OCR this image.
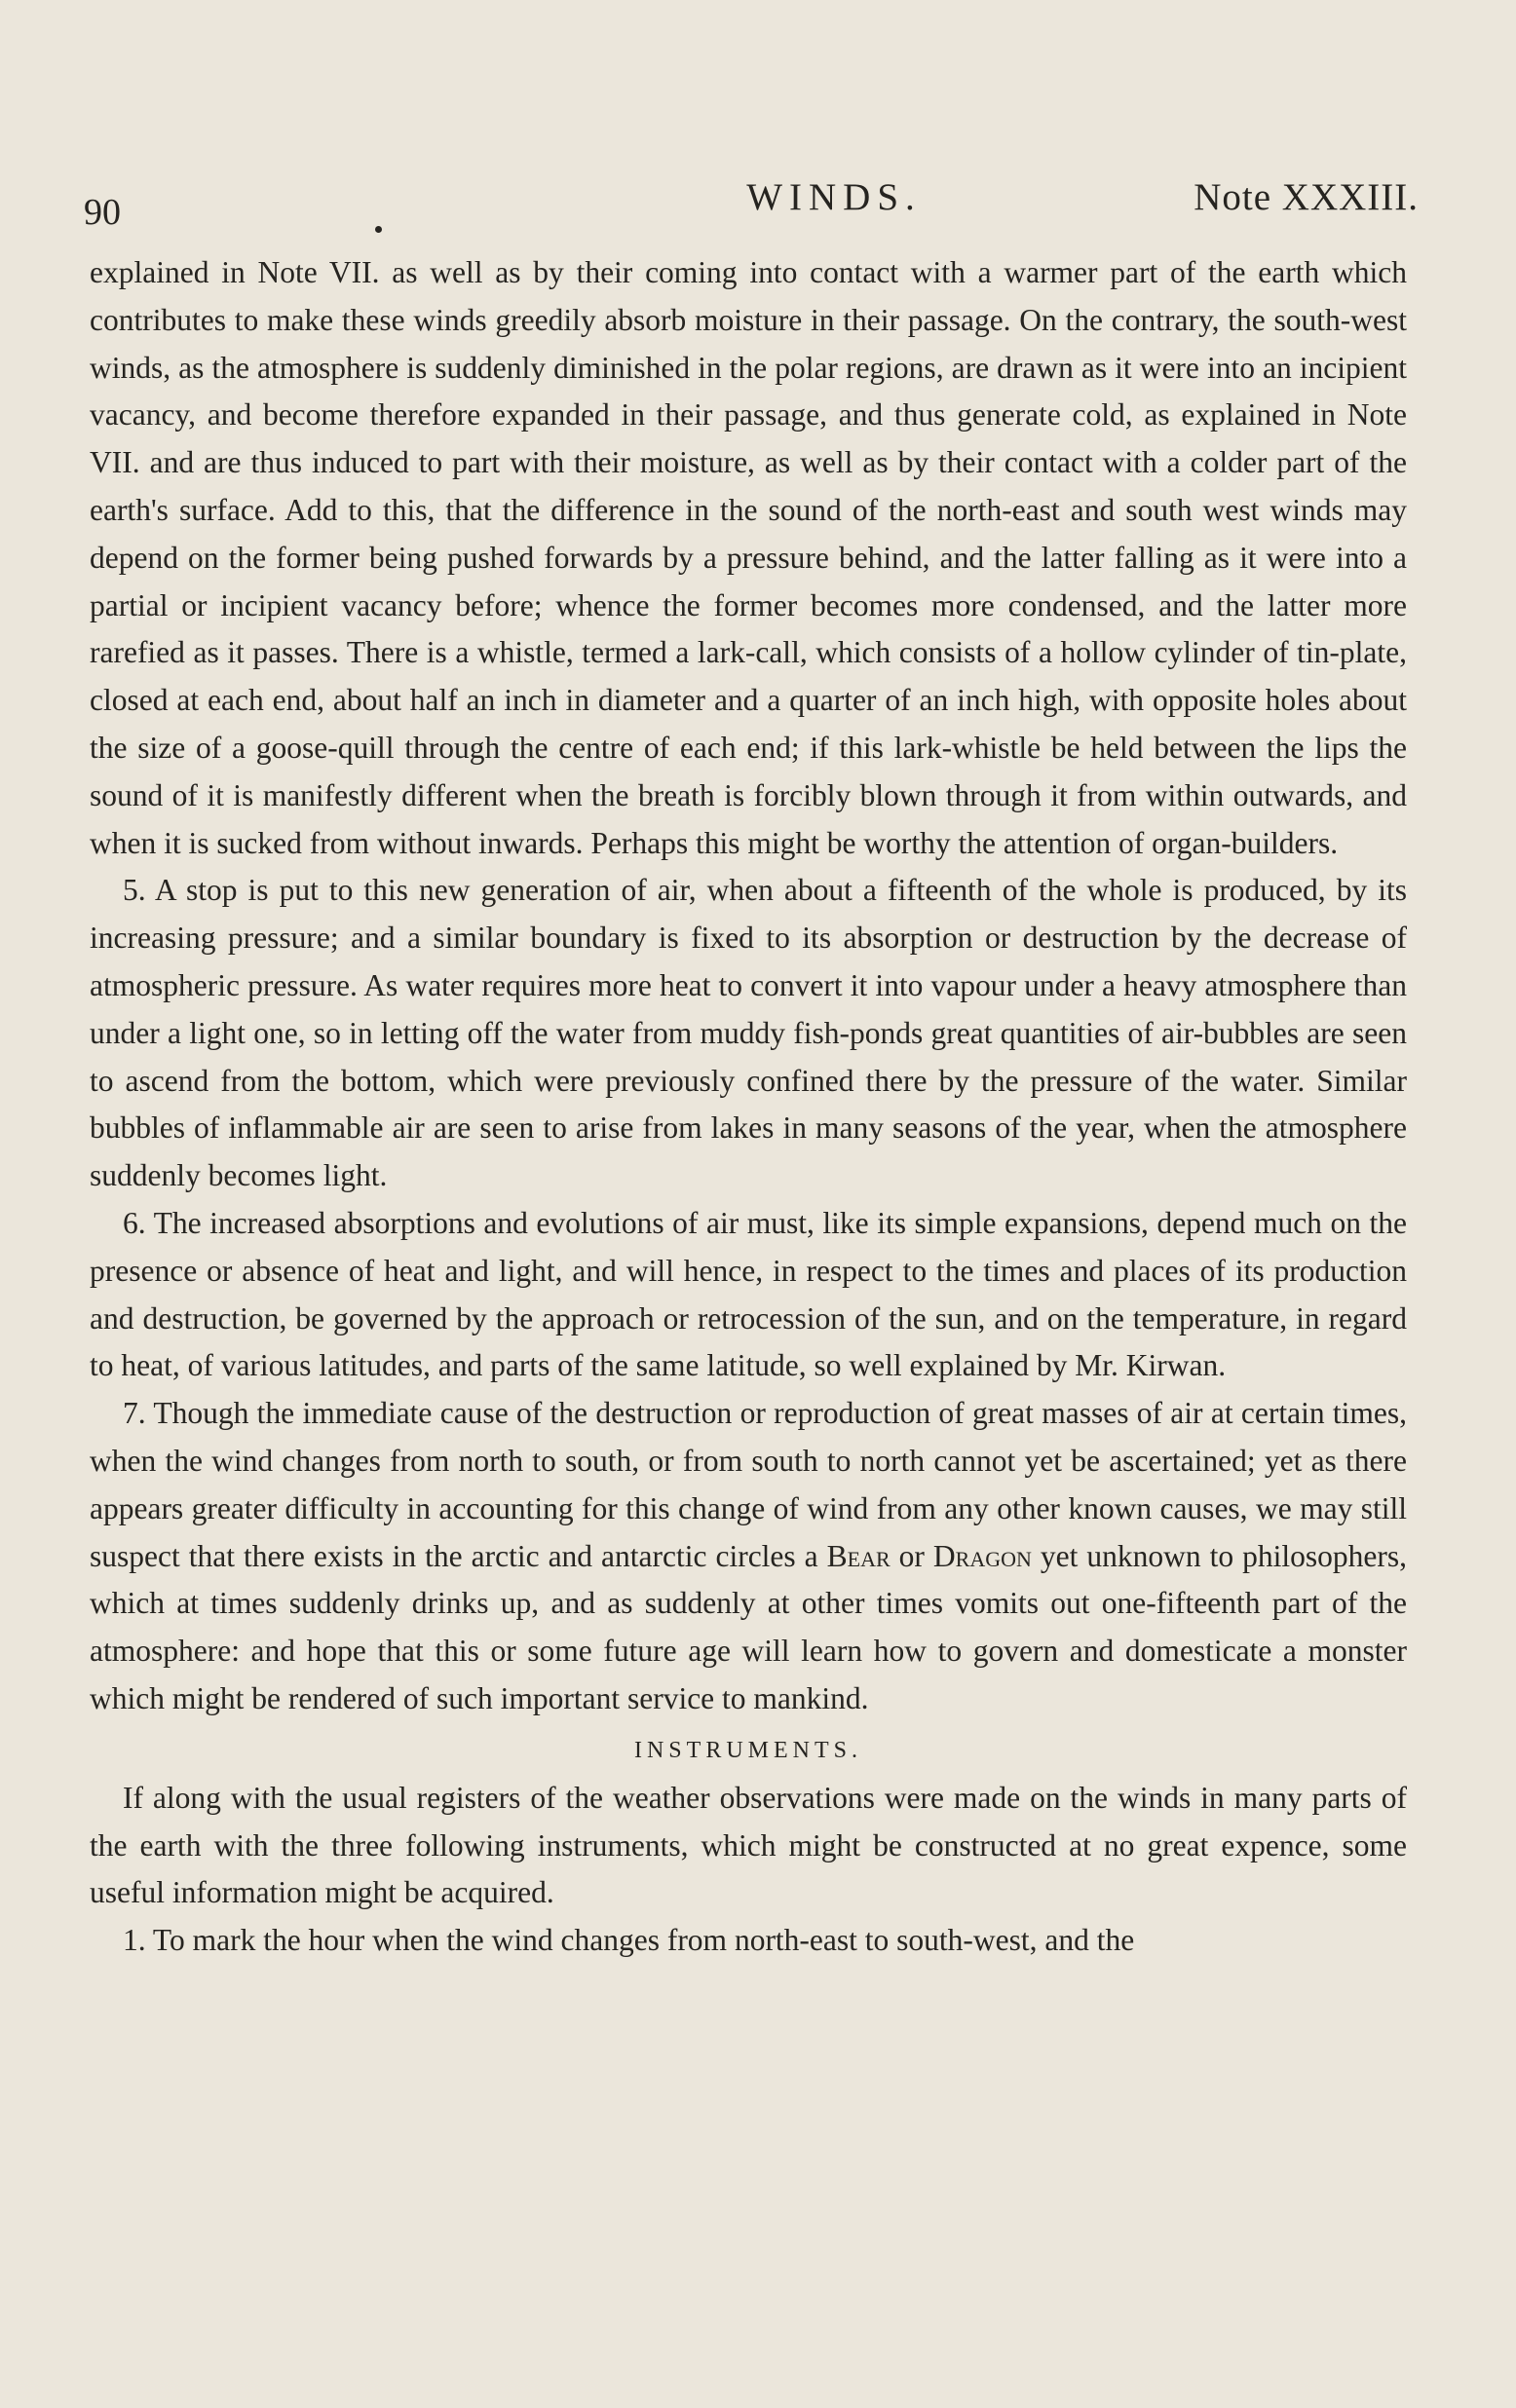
90	WINDS.	Note XXXIII.

explained in Note VII. as well as by their coming into contact with a warmer part of the earth which contributes to make these winds greedily absorb moisture in their passage. On the contrary, the south-west winds, as the atmosphere is suddenly diminished in the polar regions, are drawn as it were into an incipient vacancy, and become therefore expanded in their passage, and thus generate cold, as explained in Note VII. and are thus induced to part with their moisture, as well as by their contact with a colder part of the earth's surface. Add to this, that the difference in the sound of the north-east and south west winds may depend on the former being pushed forwards by a pressure behind, and the latter falling as it were into a partial or incipient vacancy before; whence the former becomes more condensed, and the latter more rarefied as it passes. There is a whistle, termed a lark-call, which consists of a hollow cylinder of tin-plate, closed at each end, about half an inch in diameter and a quarter of an inch high, with opposite holes about the size of a goose-quill through the centre of each end; if this lark-whistle be held between the lips the sound of it is manifestly different when the breath is forcibly blown through it from within outwards, and when it is sucked from without inwards. Perhaps this might be worthy the attention of organ-builders.

5. A stop is put to this new generation of air, when about a fifteenth of the whole is produced, by its increasing pressure; and a similar boundary is fixed to its absorption or destruction by the decrease of atmospheric pressure. As water requires more heat to convert it into vapour under a heavy atmosphere than under a light one, so in letting off the water from muddy fish-ponds great quantities of air-bubbles are seen to ascend from the bottom, which were previously confined there by the pressure of the water. Similar bubbles of inflammable air are seen to arise from lakes in many seasons of the year, when the atmosphere suddenly becomes light.

6. The increased absorptions and evolutions of air must, like its simple expansions, depend much on the presence or absence of heat and light, and will hence, in respect to the times and places of its production and destruction, be governed by the approach or retrocession of the sun, and on the temperature, in regard to heat, of various latitudes, and parts of the same latitude, so well explained by Mr. Kirwan.

7. Though the immediate cause of the destruction or reproduction of great masses of air at certain times, when the wind changes from north to south, or from south to north cannot yet be ascertained; yet as there appears greater difficulty in accounting for this change of wind from any other known causes, we may still suspect that there exists in the arctic and antarctic circles a Bear or Dragon yet unknown to philosophers, which at times suddenly drinks up, and as suddenly at other times vomits out one-fifteenth part of the atmosphere: and hope that this or some future age will learn how to govern and domesticate a monster which might be rendered of such important service to mankind.

INSTRUMENTS.

If along with the usual registers of the weather observations were made on the winds in many parts of the earth with the three following instruments, which might be constructed at no great expence, some useful information might be acquired.

1. To mark the hour when the wind changes from north-east to south-west, and the
